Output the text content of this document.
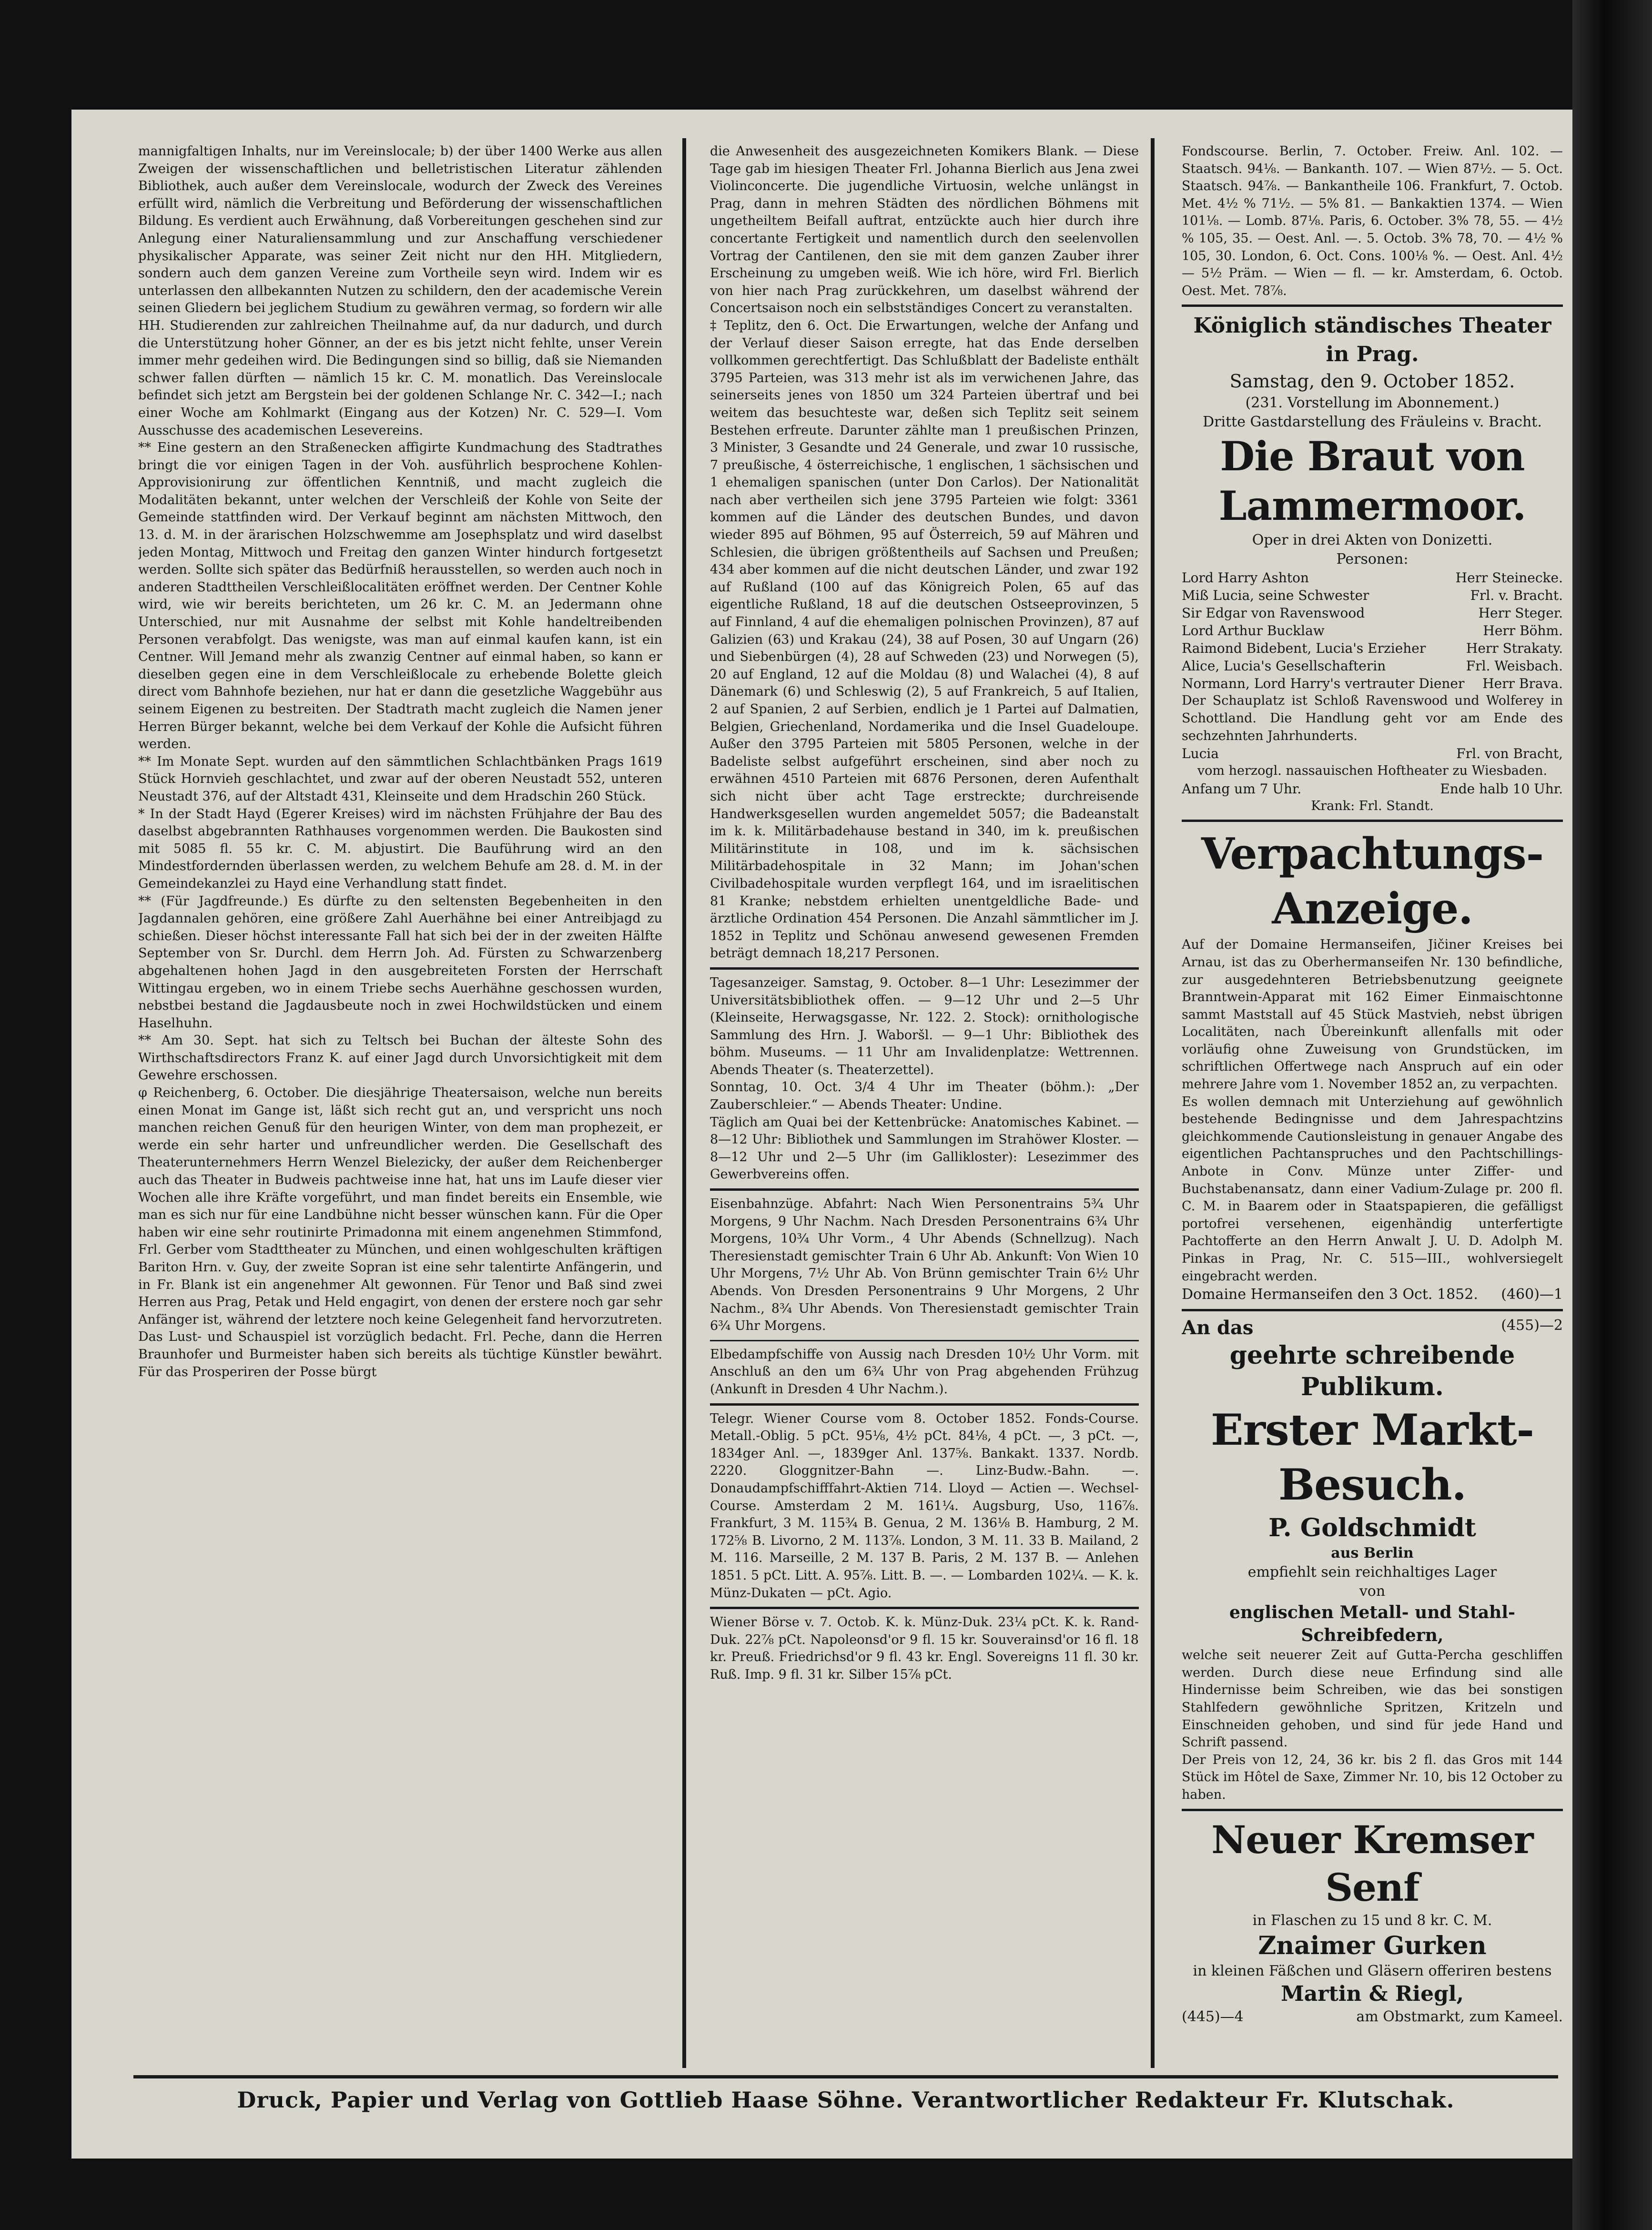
mannigfaltigen Inhalts, nur im Vereinslocale; b) der über 1400 Werke aus allen Zweigen der wissenschaftlichen und belletristischen Literatur zählenden Bibliothek, auch außer dem Vereinslocale, wodurch der Zweck des Vereines erfüllt wird, nämlich die Verbreitung und Beförderung der wissenschaftlichen Bildung. Es verdient auch Erwähnung, daß Vorbereitungen geschehen sind zur Anlegung einer Naturaliensammlung und zur Anschaffung verschiedener physikalischer Apparate, was seiner Zeit nicht nur den HH. Mitgliedern, sondern auch dem ganzen Vereine zum Vortheile seyn wird. Indem wir es unterlassen den allbekannten Nutzen zu schildern, den der academische Verein seinen Gliedern bei jeglichem Studium zu gewähren vermag, so fordern wir alle HH. Studierenden zur zahlreichen Theilnahme auf, da nur dadurch, und durch die Unterstützung hoher Gönner, an der es bis jetzt nicht fehlte, unser Verein immer mehr gedeihen wird. Die Bedingungen sind so billig, daß sie Niemanden schwer fallen dürften — nämlich 15 kr. C. M. monatlich. Das Vereinslocale befindet sich jetzt am Bergstein bei der goldenen Schlange Nr. C. 342—I.; nach einer Woche am Kohlmarkt (Eingang aus der Kotzen) Nr. C. 529—I. Vom Ausschusse des academischen Lesevereins.

** Eine gestern an den Straßenecken affigirte Kundmachung des Stadtrathes bringt die vor einigen Tagen in der Voh. ausführlich besprochene Kohlen-Approvisionirung zur öffentlichen Kenntniß, und macht zugleich die Modalitäten bekannt, unter welchen der Verschleiß der Kohle von Seite der Gemeinde stattfinden wird. Der Verkauf beginnt am nächsten Mittwoch, den 13. d. M. in der ärarischen Holzschwemme am Josephsplatz und wird daselbst jeden Montag, Mittwoch und Freitag den ganzen Winter hindurch fortgesetzt werden. Sollte sich später das Bedürfniß herausstellen, so werden auch noch in anderen Stadttheilen Verschleißlocalitäten eröffnet werden. Der Centner Kohle wird, wie wir bereits berichteten, um 26 kr. C. M. an Jedermann ohne Unterschied, nur mit Ausnahme der selbst mit Kohle handeltreibenden Personen verabfolgt. Das wenigste, was man auf einmal kaufen kann, ist ein Centner. Will Jemand mehr als zwanzig Centner auf einmal haben, so kann er dieselben gegen eine in dem Verschleißlocale zu erhebende Bolette gleich direct vom Bahnhofe beziehen, nur hat er dann die gesetzliche Waggebühr aus seinem Eigenen zu bestreiten. Der Stadtrath macht zugleich die Namen jener Herren Bürger bekannt, welche bei dem Verkauf der Kohle die Aufsicht führen werden.

** Im Monate Sept. wurden auf den sämmtlichen Schlachtbänken Prags 1619 Stück Hornvieh geschlachtet, und zwar auf der oberen Neustadt 552, unteren Neustadt 376, auf der Altstadt 431, Kleinseite und dem Hradschin 260 Stück.

* In der Stadt Hayd (Egerer Kreises) wird im nächsten Frühjahre der Bau des daselbst abgebrannten Rathhauses vorgenommen werden. Die Baukosten sind mit 5085 fl. 55 kr. C. M. abjustirt. Die Bauführung wird an den Mindestfordernden überlassen werden, zu welchem Behufe am 28. d. M. in der Gemeindekanzlei zu Hayd eine Verhandlung statt findet.

** (Für Jagdfreunde.) Es dürfte zu den seltensten Begebenheiten in den Jagdannalen gehören, eine größere Zahl Auerhähne bei einer Antreibjagd zu schießen. Dieser höchst interessante Fall hat sich bei der in der zweiten Hälfte September von Sr. Durchl. dem Herrn Joh. Ad. Fürsten zu Schwarzenberg abgehaltenen hohen Jagd in den ausgebreiteten Forsten der Herrschaft Wittingau ergeben, wo in einem Triebe sechs Auerhähne geschossen wurden, nebstbei bestand die Jagdausbeute noch in zwei Hochwildstücken und einem Haselhuhn.

** Am 30. Sept. hat sich zu Teltsch bei Buchan der älteste Sohn des Wirthschaftsdirectors Franz K. auf einer Jagd durch Unvorsichtigkeit mit dem Gewehre erschossen.

φ Reichenberg, 6. October. Die diesjährige Theatersaison, welche nun bereits einen Monat im Gange ist, läßt sich recht gut an, und verspricht uns noch manchen reichen Genuß für den heurigen Winter, von dem man prophezeit, er werde ein sehr harter und unfreundlicher werden. Die Gesellschaft des Theaterunternehmers Herrn Wenzel Bielezicky, der außer dem Reichenberger auch das Theater in Budweis pachtweise inne hat, hat uns im Laufe dieser vier Wochen alle ihre Kräfte vorgeführt, und man findet bereits ein Ensemble, wie man es sich nur für eine Landbühne nicht besser wünschen kann. Für die Oper haben wir eine sehr routinirte Primadonna mit einem angenehmen Stimmfond, Frl. Gerber vom Stadttheater zu München, und einen wohlgeschulten kräftigen Bariton Hrn. v. Guy, der zweite Sopran ist eine sehr talentirte Anfängerin, und in Fr. Blank ist ein angenehmer Alt gewonnen. Für Tenor und Baß sind zwei Herren aus Prag, Petak und Held engagirt, von denen der erstere noch gar sehr Anfänger ist, während der letztere noch keine Gelegenheit fand hervorzutreten. Das Lust- und Schauspiel ist vorzüglich bedacht. Frl. Peche, dann die Herren Braunhofer und Burmeister haben sich bereits als tüchtige Künstler bewährt. Für das Prosperiren der Posse bürgt

die Anwesenheit des ausgezeichneten Komikers Blank. — Diese Tage gab im hiesigen Theater Frl. Johanna Bierlich aus Jena zwei Violinconcerte. Die jugendliche Virtuosin, welche unlängst in Prag, dann in mehren Städten des nördlichen Böhmens mit ungetheiltem Beifall auftrat, entzückte auch hier durch ihre concertante Fertigkeit und namentlich durch den seelenvollen Vortrag der Cantilenen, den sie mit dem ganzen Zauber ihrer Erscheinung zu umgeben weiß. Wie ich höre, wird Frl. Bierlich von hier nach Prag zurückkehren, um daselbst während der Concertsaison noch ein selbstständiges Concert zu veranstalten.

‡ Teplitz, den 6. Oct. Die Erwartungen, welche der Anfang und der Verlauf dieser Saison erregte, hat das Ende derselben vollkommen gerechtfertigt. Das Schlußblatt der Badeliste enthält 3795 Parteien, was 313 mehr ist als im verwichenen Jahre, das seinerseits jenes von 1850 um 324 Parteien übertraf und bei weitem das besuchteste war, deßen sich Teplitz seit seinem Bestehen erfreute. Darunter zählte man 1 preußischen Prinzen, 3 Minister, 3 Gesandte und 24 Generale, und zwar 10 russische, 7 preußische, 4 österreichische, 1 englischen, 1 sächsischen und 1 ehemaligen spanischen (unter Don Carlos). Der Nationalität nach aber vertheilen sich jene 3795 Parteien wie folgt: 3361 kommen auf die Länder des deutschen Bundes, und davon wieder 895 auf Böhmen, 95 auf Österreich, 59 auf Mähren und Schlesien, die übrigen größtentheils auf Sachsen und Preußen; 434 aber kommen auf die nicht deutschen Länder, und zwar 192 auf Rußland (100 auf das Königreich Polen, 65 auf das eigentliche Rußland, 18 auf die deutschen Ostseeprovinzen, 5 auf Finnland, 4 auf die ehemaligen polnischen Provinzen), 87 auf Galizien (63) und Krakau (24), 38 auf Posen, 30 auf Ungarn (26) und Siebenbürgen (4), 28 auf Schweden (23) und Norwegen (5), 20 auf England, 12 auf die Moldau (8) und Walachei (4), 8 auf Dänemark (6) und Schleswig (2), 5 auf Frankreich, 5 auf Italien, 2 auf Spanien, 2 auf Serbien, endlich je 1 Partei auf Dalmatien, Belgien, Griechenland, Nordamerika und die Insel Guadeloupe. Außer den 3795 Parteien mit 5805 Personen, welche in der Badeliste selbst aufgeführt erscheinen, sind aber noch zu erwähnen 4510 Parteien mit 6876 Personen, deren Aufenthalt sich nicht über acht Tage erstreckte; durchreisende Handwerksgesellen wurden angemeldet 5057; die Badeanstalt im k. k. Militärbadehause bestand in 340, im k. preußischen Militärinstitute in 108, und im k. sächsischen Militärbadehospitale in 32 Mann; im Johan'schen Civilbadehospitale wurden verpflegt 164, und im israelitischen 81 Kranke; nebstdem erhielten unentgeldliche Bade- und ärztliche Ordination 454 Personen. Die Anzahl sämmtlicher im J. 1852 in Teplitz und Schönau anwesend gewesenen Fremden beträgt demnach 18,217 Personen.

Tagesanzeiger. Samstag, 9. October. 8—1 Uhr: Lesezimmer der Universitätsbibliothek offen. — 9—12 Uhr und 2—5 Uhr (Kleinseite, Herwagsgasse, Nr. 122. 2. Stock): ornithologische Sammlung des Hrn. J. Waboršl. — 9—1 Uhr: Bibliothek des böhm. Museums. — 11 Uhr am Invalidenplatze: Wettrennen. Abends Theater (s. Theaterzettel).

Sonntag, 10. Oct. 3/4 4 Uhr im Theater (böhm.): „Der Zauberschleier.“ — Abends Theater: Undine.

Täglich am Quai bei der Kettenbrücke: Anatomisches Kabinet. — 8—12 Uhr: Bibliothek und Sammlungen im Strahöwer Kloster. — 8—12 Uhr und 2—5 Uhr (im Gallikloster): Lesezimmer des Gewerbvereins offen.

Eisenbahnzüge. Abfahrt: Nach Wien Personentrains 5¾ Uhr Morgens, 9 Uhr Nachm. Nach Dresden Personentrains 6¾ Uhr Morgens, 10¾ Uhr Vorm., 4 Uhr Abends (Schnellzug). Nach Theresienstadt gemischter Train 6 Uhr Ab. Ankunft: Von Wien 10 Uhr Morgens, 7½ Uhr Ab. Von Brünn gemischter Train 6½ Uhr Abends. Von Dresden Personentrains 9 Uhr Morgens, 2 Uhr Nachm., 8¾ Uhr Abends. Von Theresienstadt gemischter Train 6¾ Uhr Morgens.

Elbedampfschiffe von Aussig nach Dresden 10½ Uhr Vorm. mit Anschluß an den um 6¾ Uhr von Prag abgehenden Frühzug (Ankunft in Dresden 4 Uhr Nachm.).

Telegr. Wiener Course vom 8. October 1852. Fonds-Course. Metall.-Oblig. 5 pCt. 95⅛, 4½ pCt. 84⅛, 4 pCt. —, 3 pCt. —, 1834ger Anl. —, 1839ger Anl. 137⅝. Bankakt. 1337. Nordb. 2220. Gloggnitzer-Bahn —. Linz-Budw.-Bahn. —. Donaudampfschifffahrt-Aktien 714. Lloyd — Actien —. Wechsel-Course. Amsterdam 2 M. 161¼. Augsburg, Uso, 116⅞. Frankfurt, 3 M. 115¾ B. Genua, 2 M. 136⅛ B. Hamburg, 2 M. 172⅝ B. Livorno, 2 M. 113⅞. London, 3 M. 11. 33 B. Mailand, 2 M. 116. Marseille, 2 M. 137 B. Paris, 2 M. 137 B. — Anlehen 1851. 5 pCt. Litt. A. 95⅞. Litt. B. —. — Lombarden 102¼. — K. k. Münz-Dukaten — pCt. Agio.

Wiener Börse v. 7. Octob. K. k. Münz-Duk. 23¼ pCt. K. k. Rand-Duk. 22⅞ pCt. Napoleonsd'or 9 fl. 15 kr. Souverainsd'or 16 fl. 18 kr. Preuß. Friedrichsd'or 9 fl. 43 kr. Engl. Sovereigns 11 fl. 30 kr. Ruß. Imp. 9 fl. 31 kr. Silber 15⅞ pCt.

Fondscourse. Berlin, 7. October. Freiw. Anl. 102. — Staatsch. 94⅛. — Bankanth. 107. — Wien 87½. — 5. Oct. Staatsch. 94⅞. — Bankantheile 106. Frankfurt, 7. Octob. Met. 4½ % 71½. — 5% 81. — Bankaktien 1374. — Wien 101⅛. — Lomb. 87⅛. Paris, 6. October. 3% 78, 55. — 4½ % 105, 35. — Oest. Anl. —. 5. Octob. 3% 78, 70. — 4½ % 105, 30. London, 6. Oct. Cons. 100⅛ %. — Oest. Anl. 4½ — 5½ Präm. — Wien — fl. — kr. Amsterdam, 6. Octob. Oest. Met. 78⅞.

Königlich ständisches Theater in Prag.
Samstag, den 9. October 1852.
(231. Vorstellung im Abonnement.)
Dritte Gastdarstellung des Fräuleins v. Bracht.
Die Braut von Lammermoor.
Oper in drei Akten von Donizetti.
Personen:
Lord Harry Ashton	Herr Steinecke.
Miß Lucia, seine Schwester	Frl. v. Bracht.
Sir Edgar von Ravenswood	Herr Steger.
Lord Arthur Bucklaw	Herr Böhm.
Raimond Bidebent, Lucia's Erzieher	Herr Strakaty.
Alice, Lucia's Gesellschafterin	Frl. Weisbach.
Normann, Lord Harry's vertrauter Diener Herr Brava.

Der Schauplatz ist Schloß Ravenswood und Wolferey in Schottland. Die Handlung geht vor am Ende des sechzehnten Jahrhunderts.

Lucia	Frl. von Bracht,
vom herzogl. nassauischen Hoftheater zu Wiesbaden.
Anfang um 7 Uhr.	Ende halb 10 Uhr.
Krank: Frl. Standt.
Verpachtungs-Anzeige.

Auf der Domaine Hermanseifen, Jičiner Kreises bei Arnau, ist das zu Oberhermanseifen Nr. 130 befindliche, zur ausgedehnteren Betriebsbenutzung geeignete Branntwein-Apparat mit 162 Eimer Einmaischtonne sammt Maststall auf 45 Stück Mastvieh, nebst übrigen Localitäten, nach Übereinkunft allenfalls mit oder vorläufig ohne Zuweisung von Grundstücken, im schriftlichen Offertwege nach Anspruch auf ein oder mehrere Jahre vom 1. November 1852 an, zu verpachten.

Es wollen demnach mit Unterziehung auf gewöhnlich bestehende Bedingnisse und dem Jahrespachtzins gleichkommende Cautionsleistung in genauer Angabe des eigentlichen Pachtanspruches und den Pachtschillings-Anbote in Conv. Münze unter Ziffer- und Buchstabenansatz, dann einer Vadium-Zulage pr. 200 fl. C. M. in Baarem oder in Staatspapieren, die gefälligst portofrei versehenen, eigenhändig unterfertigte Pachtofferte an den Herrn Anwalt J. U. D. Adolph M. Pinkas in Prag, Nr. C. 515—III., wohlversiegelt eingebracht werden.

Domaine Hermanseifen den 3 Oct. 1852. (460)—1
An das	(455)—2
geehrte schreibende Publikum.
Erster Markt-Besuch.
P. Goldschmidt
aus Berlin
empfiehlt sein reichhaltiges Lager
von
englischen Metall- und Stahl-Schreibfedern,

welche seit neuerer Zeit auf Gutta-Percha geschliffen werden. Durch diese neue Erfindung sind alle Hindernisse beim Schreiben, wie das bei sonstigen Stahlfedern gewöhnliche Spritzen, Kritzeln und Einschneiden gehoben, und sind für jede Hand und Schrift passend.

Der Preis von 12, 24, 36 kr. bis 2 fl. das Gros mit 144 Stück im Hôtel de Saxe, Zimmer Nr. 10, bis 12 October zu haben.

Neuer Kremser Senf
in Flaschen zu 15 und 8 kr. C. M.
Znaimer Gurken
in kleinen Fäßchen und Gläsern offeriren bestens
Martin & Riegl,
(445)—4	am Obstmarkt, zum Kameel.
Druck, Papier und Verlag von Gottlieb Haase Söhne. Verantwortlicher Redakteur Fr. Klutschak.
